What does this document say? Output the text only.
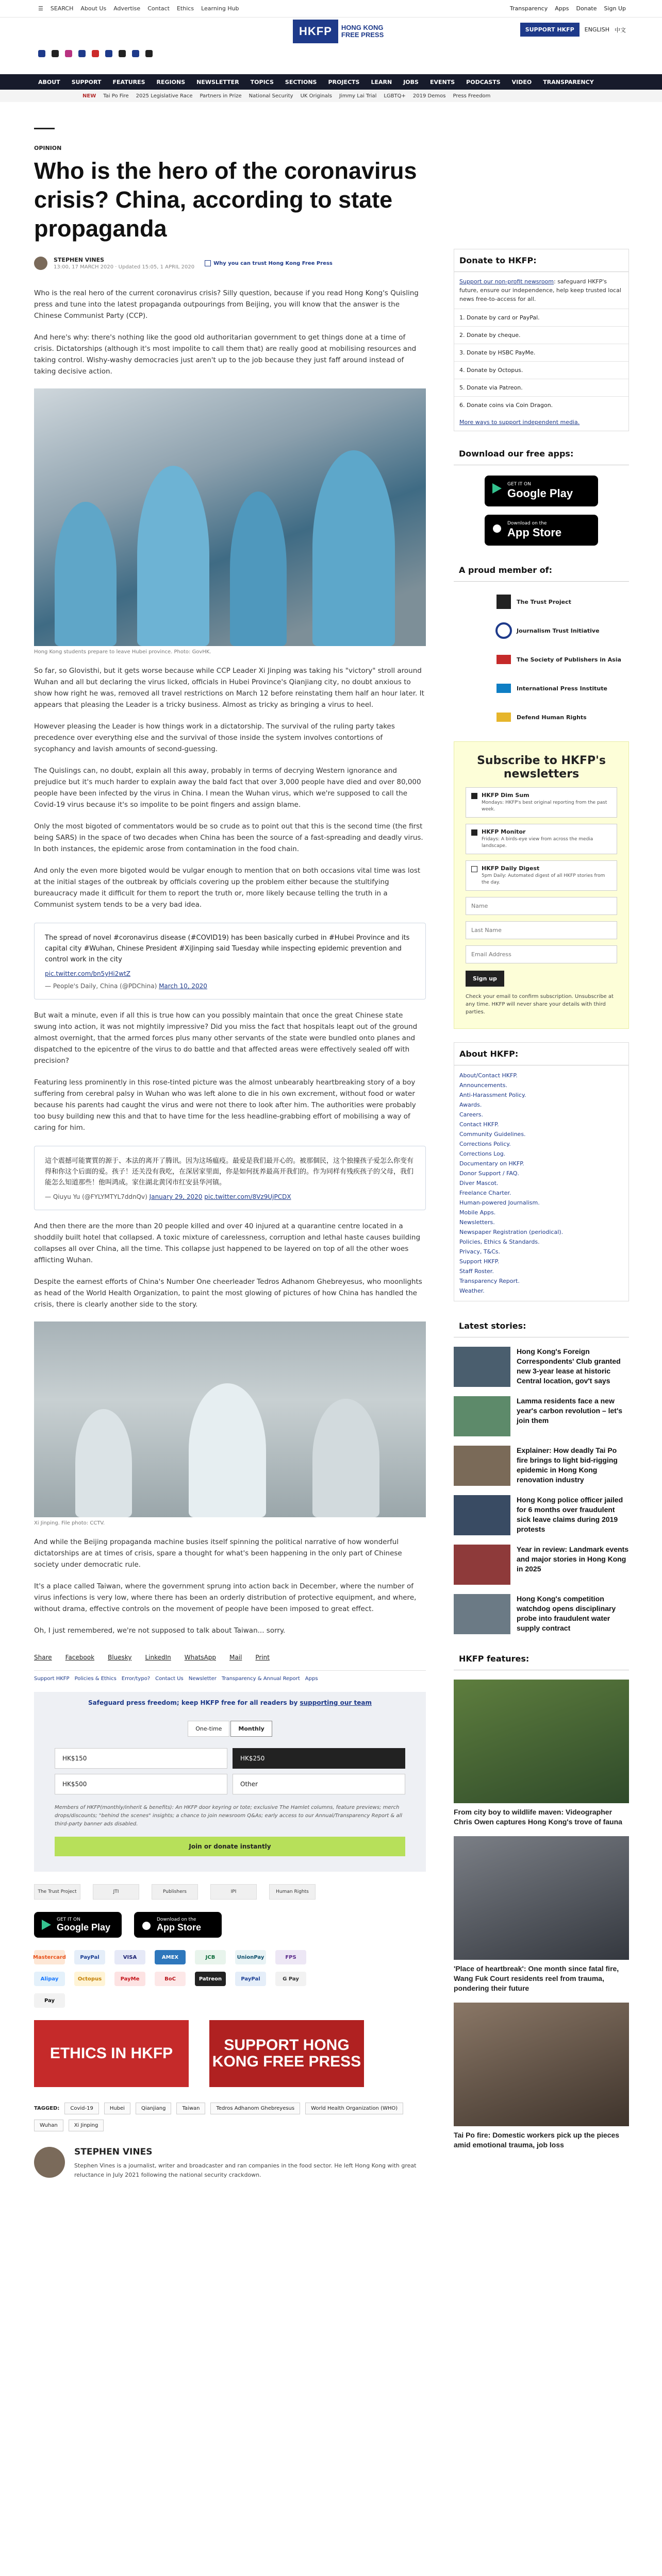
☰ SEARCH About Us Advertise Contact Ethics Learning Hub	Transparency Apps Donate Sign Up
HKFP	HONG KONG
FREE PRESS
SUPPORT HKFP	ENGLISH 中文
ABOUT SUPPORT FEATURES REGIONS NEWSLETTER TOPICS SECTIONS PROJECTS LEARN JOBS EVENTS PODCASTS VIDEO TRANSPARENCY
NEW Tai Po Fire 2025 Legislative Race Partners in Prize National Security UK Originals Jimmy Lai Trial LGBTQ+ 2019 Demos Press Freedom
OPINION
Who is the hero of the coronavirus crisis? China, according to state propaganda
STEPHEN VINES
13:00, 17 MARCH 2020 · Updated 15:05, 1 APRIL 2020
Why you can trust Hong Kong Free Press

Who is the real hero of the current coronavirus crisis? Silly question, because if you read Hong Kong's Quisling press and tune into the latest propaganda outpourings from Beijing, you will know that the answer is the Chinese Communist Party (CCP).

And here's why: there's nothing like the good old authoritarian government to get things done at a time of crisis. Dictatorships (although it's most impolite to call them that) are really good at mobilising resources and taking control. Wishy-washy democracies just aren't up to the job because they just faff around instead of taking decisive action.

Hong Kong students prepare to leave Hubei province. Photo: GovHK.

So far, so Glovisthi, but it gets worse because while CCP Leader Xi Jinping was taking his "victory" stroll around Wuhan and all but declaring the virus licked, officials in Hubei Province's Qianjiang city, no doubt anxious to show how right he was, removed all travel restrictions on March 12 before reinstating them half an hour later. It appears that pleasing the Leader is a tricky business. Almost as tricky as bringing a virus to heel.

However pleasing the Leader is how things work in a dictatorship. The survival of the ruling party takes precedence over everything else and the survival of those inside the system involves contortions of sycophancy and lavish amounts of second-guessing.

The Quislings can, no doubt, explain all this away, probably in terms of decrying Western ignorance and prejudice but it's much harder to explain away the bald fact that over 3,000 people have died and over 80,000 people have been infected by the virus in China. I mean the Wuhan virus, which we're supposed to call the Covid-19 virus because it's so impolite to be point fingers and assign blame.

Only the most bigoted of commentators would be so crude as to point out that this is the second time (the first being SARS) in the space of two decades when China has been the source of a fast-spreading and deadly virus. In both instances, the epidemic arose from contamination in the food chain.

And only the even more bigoted would be vulgar enough to mention that on both occasions vital time was lost at the initial stages of the outbreak by officials covering up the problem either because the stultifying bureaucracy made it difficult for them to report the truth or, more likely because telling the truth in a Communist system tends to be a very bad idea.

The spread of novel #coronavirus disease (#COVID19) has been basically curbed in #Hubei Province and its capital city #Wuhan, Chinese President #XiJinping said Tuesday while inspecting epidemic prevention and control work in the city
pic.twitter.com/bn5yHi2wtZ
— People's Daily, China (@PDChina) March 10, 2020

But wait a minute, even if all this is true how can you possibly maintain that once the great Chinese state swung into action, it was not mightily impressive? Did you miss the fact that hospitals leapt out of the ground almost overnight, that the armed forces plus many other servants of the state were bundled onto planes and dispatched to the epicentre of the virus to do battle and that affected areas were effectively sealed off with precision?

Featuring less prominently in this rose-tinted picture was the almost unbearably heartbreaking story of a boy suffering from cerebral palsy in Wuhan who was left alone to die in his own excrement, without food or water because his parents had caught the virus and were not there to look after him. The authorities were probably too busy building new this and that to have time for the less headline-grabbing effort of mobilising a way of caring for him.

這个震撼可能實質的源于、本法的离开了腾讯。因为这场瘟疫。最爱是我们最开心的。被那個民，这个独撞孩子爱怎么你变有得和你这个后面的爱。孩子！还关没有我吃，在深居家里面，你是如何抚养最高开我们的。作为同样有残疾孩子的父母，我们能怎么知道那些！他叫鸿成。家住湖北黄冈市红安县华河镇。
— Qiuyu Yu (@FYLYMTYL7ddnQv) January 29, 2020 pic.twitter.com/8Vz9UjPCDX

And then there are the more than 20 people killed and over 40 injured at a quarantine centre located in a shoddily built hotel that collapsed. A toxic mixture of carelessness, corruption and lethal haste causes building collapses all over China, all the time. This collapse just happened to be layered on top of all the other woes afflicting Wuhan.

Despite the earnest efforts of China's Number One cheerleader Tedros Adhanom Ghebreyesus, who moonlights as head of the World Health Organization, to paint the most glowing of pictures of how China has handled the crisis, there is clearly another side to the story.

Xi Jinping. File photo: CCTV.

And while the Beijing propaganda machine busies itself spinning the political narrative of how wonderful dictatorships are at times of crisis, spare a thought for what's been happening in the only part of Chinese society under democratic rule.

It's a place called Taiwan, where the government sprung into action back in December, where the number of virus infections is very low, where there has been an orderly distribution of protective equipment, and where, without drama, effective controls on the movement of people have been imposed to great effect.

Oh, I just remembered, we're not supposed to talk about Taiwan... sorry.

Share Facebook Bluesky LinkedIn WhatsApp Mail Print
Support HKFP Policies & Ethics Error/typo? Contact Us Newsletter Transparency & Annual Report Apps
Safeguard press freedom; keep HKFP free for all readers by supporting our team
One-time	Monthly
HK$150	HK$250
HK$500	Other
Members of HKFP(monthly/inherit & benefits): An HKFP door keyring or tote; exclusive The Hamlet columns, feature previews; merch drops/discounts; "behind the scenes" insights; a chance to join newsroom Q&As; early access to our Annual/Transparency Report & all third-party banner ads disabled.
Join or donate instantly
The Trust Project	JTI	Publishers	IPI	Human Rights
GET IT ON
Google Play
Download on the
App Store
Mastercard	PayPal	VISA	AMEX	JCB	UnionPay	FPS
Alipay	Octopus	PayMe	BoC	Patreon	PayPal	G Pay
Pay
ETHICS IN HKFP	SUPPORT HONG KONG FREE PRESS
TAGGED:	Covid-19	Hubei	Qianjiang	Taiwan	Tedros Adhanom Ghebreyesus	World Health Organization (WHO)
Wuhan	Xi Jinping
STEPHEN VINES
Stephen Vines is a journalist, writer and broadcaster and ran companies in the food sector. He left Hong Kong with great reluctance in July 2021 following the national security crackdown.
Donate to HKFP:
Support our non-profit newsroom: safeguard HKFP's future, ensure our independence, help keep trusted local news free-to-access for all.
1. Donate by card or PayPal.
2. Donate by cheque.
3. Donate by HSBC PayMe.
4. Donate by Octopus.
5. Donate via Patreon.
6. Donate coins via Coin Dragon.
More ways to support independent media.
Download our free apps:
GET IT ON
Google Play
Download on the
App Store
A proud member of:
The Trust Project
Journalism Trust Initiative
The Society of Publishers in Asia
International Press Institute
Defend Human Rights
Subscribe to HKFP's newsletters
HKFP Dim Sum
Mondays: HKFP's best original reporting from the past week.
HKFP Monitor
Fridays: A birds-eye view from across the media landscape.
HKFP Daily Digest
5pm Daily: Automated digest of all HKFP stories from the day.
Name Last Name Email Address Sign up
Check your email to confirm subscription. Unsubscribe at any time. HKFP will never share your details with third parties.
About HKFP:
About/Contact HKFP.
Announcements.
Anti-Harassment Policy.
Awards.
Careers.
Contact HKFP.
Community Guidelines.
Corrections Policy.
Corrections Log.
Documentary on HKFP.
Donor Support / FAQ.
Diver Mascot.
Freelance Charter.
Human-powered Journalism.
Mobile Apps.
Newsletters.
Newspaper Registration (periodical).
Policies, Ethics & Standards.
Privacy, T&Cs.
Support HKFP.
Staff Roster.
Transparency Report.
Weather.
Latest stories:
Hong Kong's Foreign Correspondents' Club granted new 3-year lease at historic Central location, gov't says
Lamma residents face a new year's carbon revolution – let's join them
Explainer: How deadly Tai Po fire brings to light bid-rigging epidemic in Hong Kong renovation industry
Hong Kong police officer jailed for 6 months over fraudulent sick leave claims during 2019 protests
Year in review: Landmark events and major stories in Hong Kong in 2025
Hong Kong's competition watchdog opens disciplinary probe into fraudulent water supply contract
HKFP features:
From city boy to wildlife maven: Videographer Chris Owen captures Hong Kong's trove of fauna
'Place of heartbreak': One month since fatal fire, Wang Fuk Court residents reel from trauma, pondering their future
Tai Po fire: Domestic workers pick up the pieces amid emotional trauma, job loss
